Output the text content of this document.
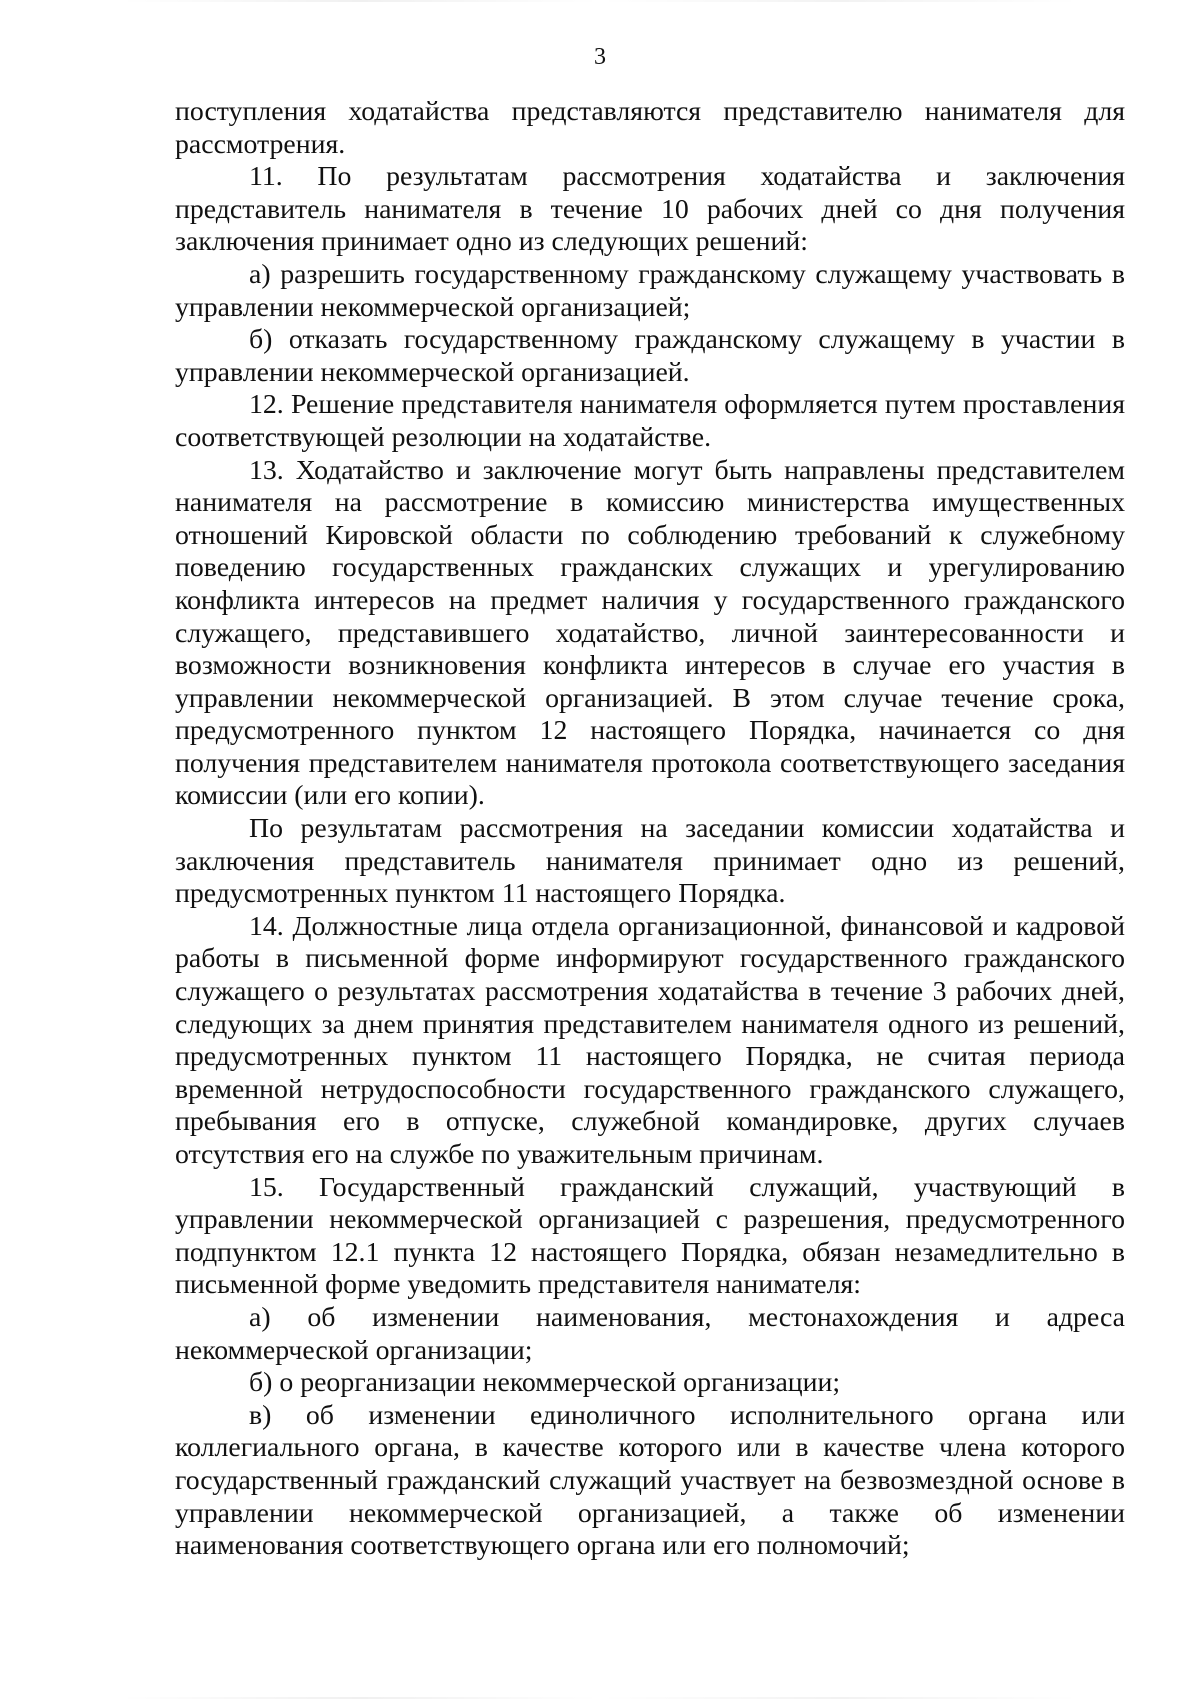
3

поступления ходатайства представляются представителю нанимателя для рассмотрения.

11. По результатам рассмотрения ходатайства и заключения представитель нанимателя в течение 10 рабочих дней со дня получения заключения принимает одно из следующих решений:

а) разрешить государственному гражданскому служащему участвовать в управлении некоммерческой организацией;

б) отказать государственному гражданскому служащему в участии в управлении некоммерческой организацией.

12. Решение представителя нанимателя оформляется путем проставления соответствующей резолюции на ходатайстве.

13. Ходатайство и заключение могут быть направлены представителем нанимателя на рассмотрение в комиссию министерства имущественных отношений Кировской области по соблюдению требований к служебному поведению государственных гражданских служащих и урегулированию конфликта интересов на предмет наличия у государственного гражданского служащего, представившего ходатайство, личной заинтересованности и возможности возникновения конфликта интересов в случае его участия в управлении некоммерческой организацией. В этом случае течение срока, предусмотренного пунктом 12 настоящего Порядка, начинается со дня получения представителем нанимателя протокола соответствующего заседания комиссии (или его копии).

По результатам рассмотрения на заседании комиссии ходатайства и заключения представитель нанимателя принимает одно из решений, предусмотренных пунктом 11 настоящего Порядка.

14. Должностные лица отдела организационной, финансовой и кадровой работы в письменной форме информируют государственного гражданского служащего о результатах рассмотрения ходатайства в течение 3 рабочих дней, следующих за днем принятия представителем нанимателя одного из решений, предусмотренных пунктом 11 настоящего Порядка, не считая периода временной нетрудоспособности государственного гражданского служащего, пребывания его в отпуске, служебной командировке, других случаев отсутствия его на службе по уважительным причинам.

15. Государственный гражданский служащий, участвующий в управлении некоммерческой организацией с разрешения, предусмотренного подпунктом 12.1 пункта 12 настоящего Порядка, обязан незамедлительно в письменной форме уведомить представителя нанимателя:

а) об изменении наименования, местонахождения и адреса некоммерческой организации;

б) о реорганизации некоммерческой организации;

в) об изменении единоличного исполнительного органа или коллегиального органа, в качестве которого или в качестве члена которого государственный гражданский служащий участвует на безвозмездной основе в управлении некоммерческой организацией, а также об изменении наименования соответствующего органа или его полномочий;
